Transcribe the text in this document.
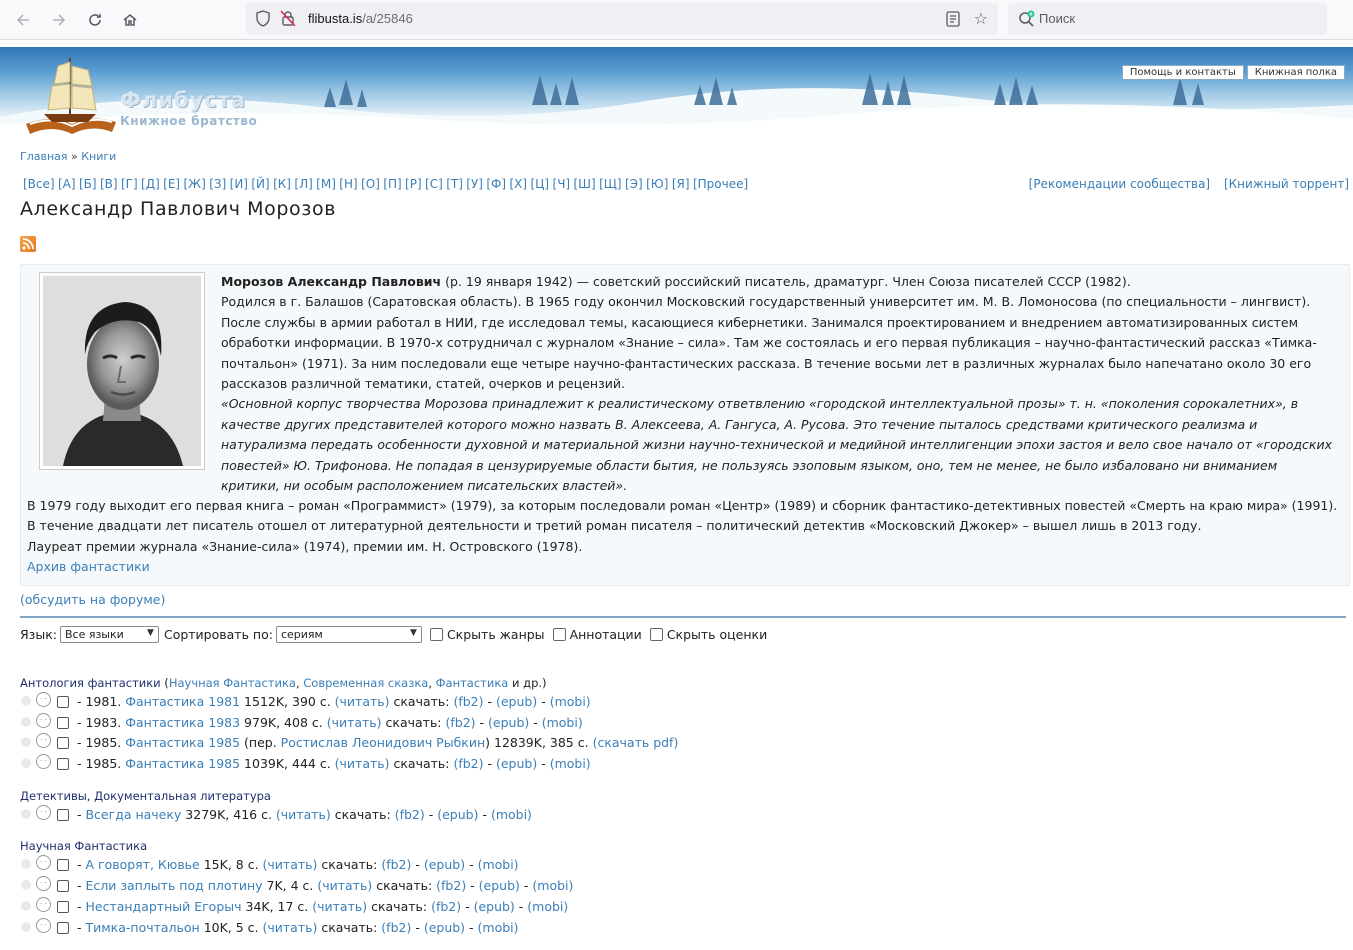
flibusta.is/a/25846	☆	Поиск
Флибуста
Книжное братство
Помощь и контакты	Книжная полка
Главная » Книги
[Все] [А] [Б] [В] [Г] [Д] [Е] [Ж] [З] [И] [Й] [К] [Л] [М] [Н] [О] [П] [Р] [С] [Т] [У] [Ф] [Х] [Ц] [Ч] [Ш] [Щ] [Э] [Ю] [Я] [Прочее]	[Рекомендации сообщества] [Книжный торрент]
Александр Павлович Морозов
Морозов Александр Павлович (р. 19 января 1942) — советский российский писатель, драматург. Член Союза писателей СССР (1982).
Родился в г. Балашов (Саратовская область). В 1965 году окончил Московский государственный университет им. М. В. Ломоносова (по специальности – лингвист). После службы в армии работал в НИИ, где исследовал темы, касающиеся кибернетики. Занимался проектированием и внедрением автоматизированных систем обработки информации. В 1970-х сотрудничал с журналом «Знание – сила». Там же состоялась и его первая публикация – научно-фантастический рассказ «Тимка-почтальон» (1971). За ним последовали еще четыре научно-фантастических рассказа. В течение восьми лет в различных журналах было напечатано около 30 его рассказов различной тематики, статей, очерков и рецензий.
«Основной корпус творчества Морозова принадлежит к реалистическому ответвлению «городской интеллектуальной прозы» т. н. «поколения сорокалетних», в качестве других представителей которого можно назвать В. Алексеева, А. Гангуса, А. Русова. Это течение пыталось средствами критического реализма и натурализма передать особенности духовной и материальной жизни научно-технической и медийной интеллигенции эпохи застоя и вело свое начало от «городских повестей» Ю. Трифонова. Не попадая в цензурируемые области бытия, не пользуясь эзоповым языком, оно, тем не менее, не было избаловано ни вниманием критики, ни особым расположением писательских властей».
В 1979 году выходит его первая книга – роман «Программист» (1979), за которым последовали роман «Центр» (1989) и сборник фантастико-детективных повестей «Смерть на краю мира» (1991). В течение двадцати лет писатель отошел от литературной деятельности и третий роман писателя – политический детектив «Московский Джокер» – вышел лишь в 2013 году.
Лауреат премии журнала «Знание-сила» (1974), премии им. Н. Островского (1978).
Архив фантастики
(обсудить на форуме)
Язык: Все языки	▼ Сортировать по: сериям	▼ Скрыть жанры Аннотации Скрыть оценки
Антология фантастики (Научная Фантастика, Современная сказка, Фантастика и др.)
· ·	- 1981. Фантастика 1981 1512K, 390 с. (читать) скачать: (fb2) - (epub) - (mobi)
· ·	- 1983. Фантастика 1983 979K, 408 с. (читать) скачать: (fb2) - (epub) - (mobi)
· ·	- 1985. Фантастика 1985 (пер. Ростислав Леонидович Рыбкин) 12839K, 385 с. (скачать pdf)
· ·	- 1985. Фантастика 1985 1039K, 444 с. (читать) скачать: (fb2) - (epub) - (mobi)
Детективы, Документальная литература
· ·	- Всегда начеку 3279K, 416 с. (читать) скачать: (fb2) - (epub) - (mobi)
Научная Фантастика
· ·	- А говорят, Кювье 15K, 8 с. (читать) скачать: (fb2) - (epub) - (mobi)
· ·	- Если заплыть под плотину 7K, 4 с. (читать) скачать: (fb2) - (epub) - (mobi)
· ·	- Нестандартный Егорыч 34K, 17 с. (читать) скачать: (fb2) - (epub) - (mobi)
· ·	- Тимка-почтальон 10K, 5 с. (читать) скачать: (fb2) - (epub) - (mobi)
